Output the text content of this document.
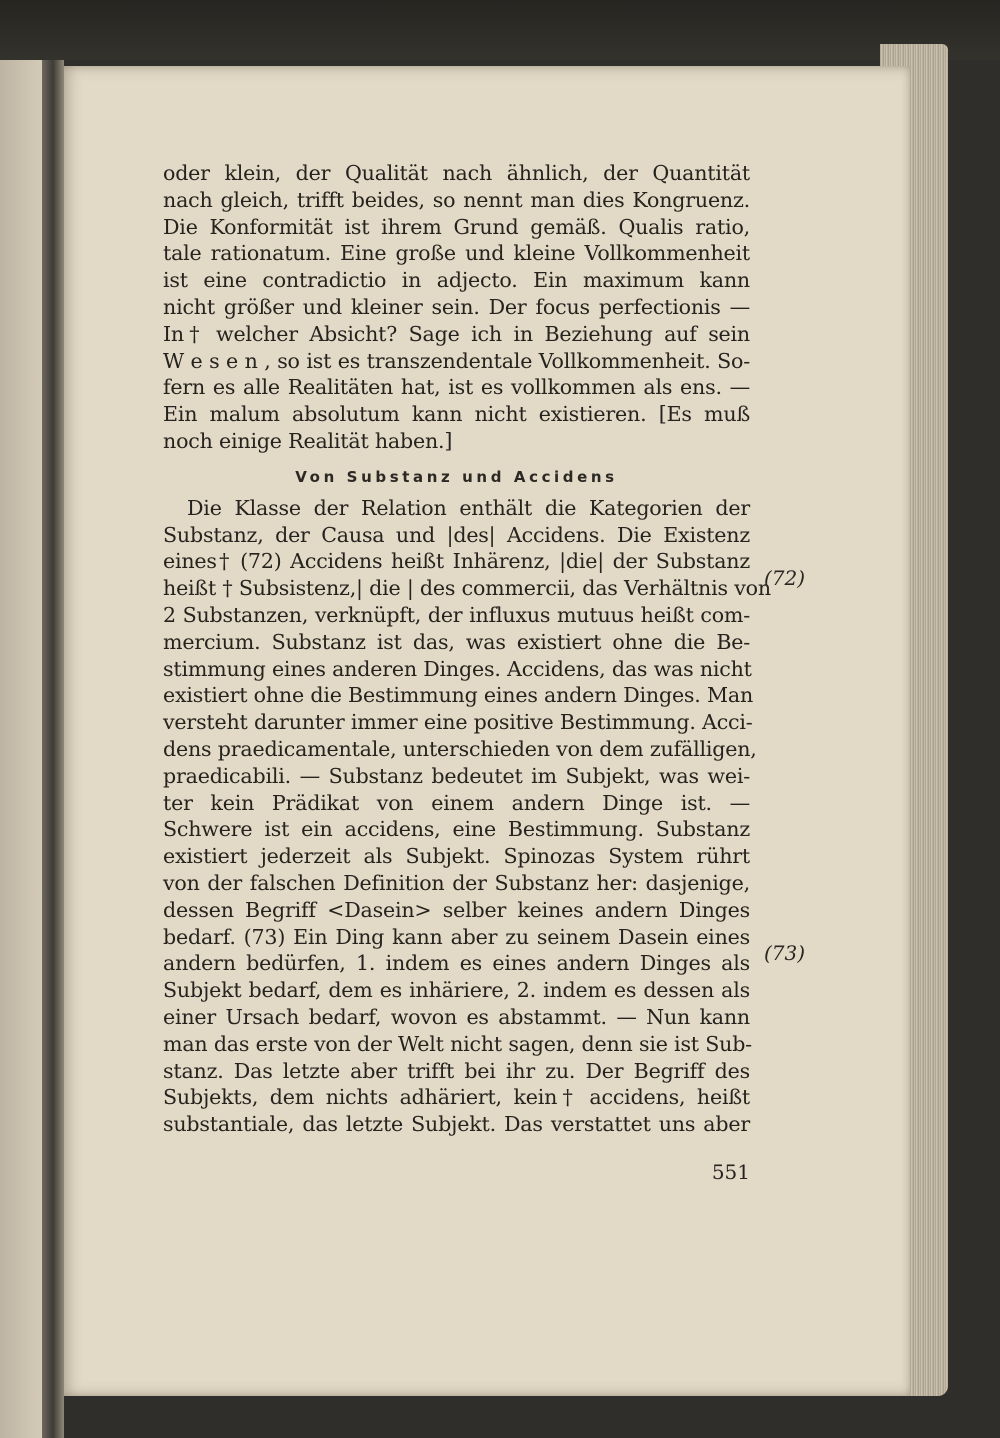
oder klein, der Qualität nach ähnlich, der Quantität
nach gleich, trifft beides, so nennt man dies Kongruenz.
Die Konformität ist ihrem Grund gemäß. Qualis ratio,
tale rationatum. Eine große und kleine Vollkommenheit
ist eine contradictio in adjecto. Ein maximum kann
nicht größer und kleiner sein. Der focus perfectionis —
In† welcher Absicht? Sage ich in Beziehung auf sein
W e s e n , so ist es transzendentale Vollkommenheit. So-
fern es alle Realitäten hat, ist es vollkommen als ens. —
Ein malum absolutum kann nicht existieren. [Es muß
noch einige Realität haben.]
Von Substanz und Accidens
Die Klasse der Relation enthält die Kategorien der
Substanz, der Causa und |des| Accidens. Die Existenz
eines† (72) Accidens heißt Inhärenz, |die| der Substanz
heißt † Subsistenz,| die | des commercii, das Verhältnis von
2 Substanzen, verknüpft, der influxus mutuus heißt com-
mercium. Substanz ist das, was existiert ohne die Be-
stimmung eines anderen Dinges. Accidens, das was nicht
existiert ohne die Bestimmung eines andern Dinges. Man
versteht darunter immer eine positive Bestimmung. Acci-
dens praedicamentale, unterschieden von dem zufälligen,
praedicabili. — Substanz bedeutet im Subjekt, was wei-
ter kein Prädikat von einem andern Dinge ist. —
Schwere ist ein accidens, eine Bestimmung. Substanz
existiert jederzeit als Subjekt. Spinozas System rührt
von der falschen Definition der Substanz her: dasjenige,
dessen Begriff <Dasein> selber keines andern Dinges
bedarf. (73) Ein Ding kann aber zu seinem Dasein eines
andern bedürfen, 1. indem es eines andern Dinges als
Subjekt bedarf, dem es inhäriere, 2. indem es dessen als
einer Ursach bedarf, wovon es abstammt. — Nun kann
man das erste von der Welt nicht sagen, denn sie ist Sub-
stanz. Das letzte aber trifft bei ihr zu. Der Begriff des
Subjekts, dem nichts adhäriert, kein† accidens, heißt
substantiale, das letzte Subjekt. Das verstattet uns aber
(72)
(73)
551
